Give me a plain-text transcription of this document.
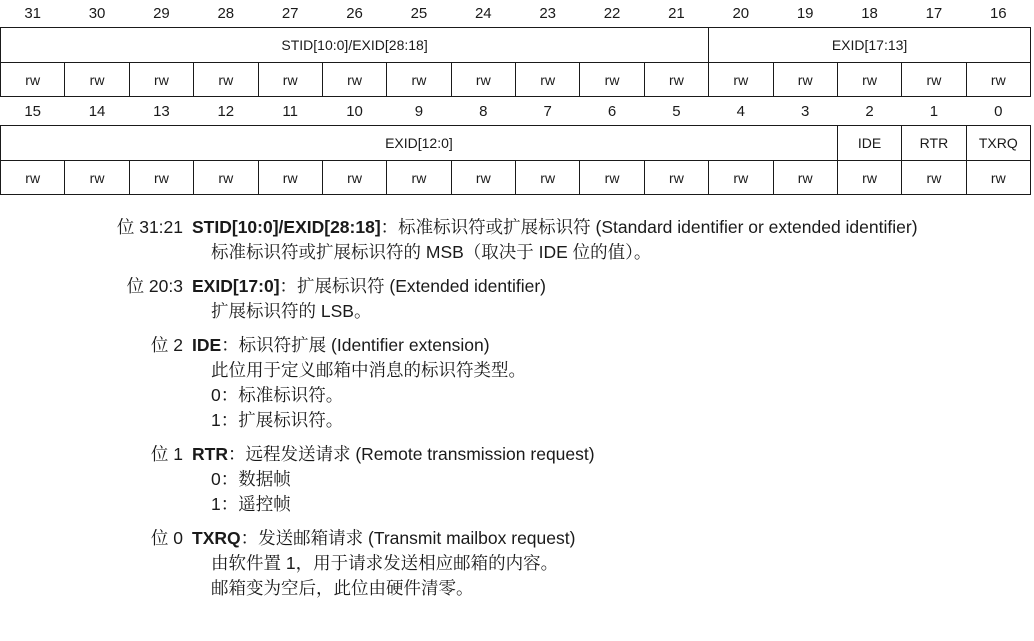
31	30	29	28	27	26	25	24	23	22	21	20	19	18	17	16
STID[10:0]/EXID[28:18]											EXID[17:13]				
rw	rw	rw	rw	rw	rw	rw	rw	rw	rw	rw	rw	rw	rw	rw	rw
15	14	13	12	11	10	9	8	7	6	5	4	3	2	1	0
EXID[12:0]													IDE	RTR	TXRQ
rw	rw	rw	rw	rw	rw	rw	rw	rw	rw	rw	rw	rw	rw	rw	rw
位 31:21 STID[10:0]/EXID[28:18] ：标准标识符或扩展标识符 (Standard identifier or extended identifier)
标准标识符或扩展标识符的 MSB（取决于 IDE 位的值）。
位 20:3 EXID[17:0] ：扩展标识符 (Extended identifier)
扩展标识符的 LSB。
位 2 IDE ：标识符扩展 (Identifier extension)
此位用于定义邮箱中消息的标识符类型。
0：标准标识符。
1：扩展标识符。
位 1 RTR ：远程发送请求 (Remote transmission request)
0：数据帧
1：遥控帧
位 0 TXRQ ：发送邮箱请求 (Transmit mailbox request)
由软件置 1，用于请求发送相应邮箱的内容。
邮箱变为空后，此位由硬件清零。
